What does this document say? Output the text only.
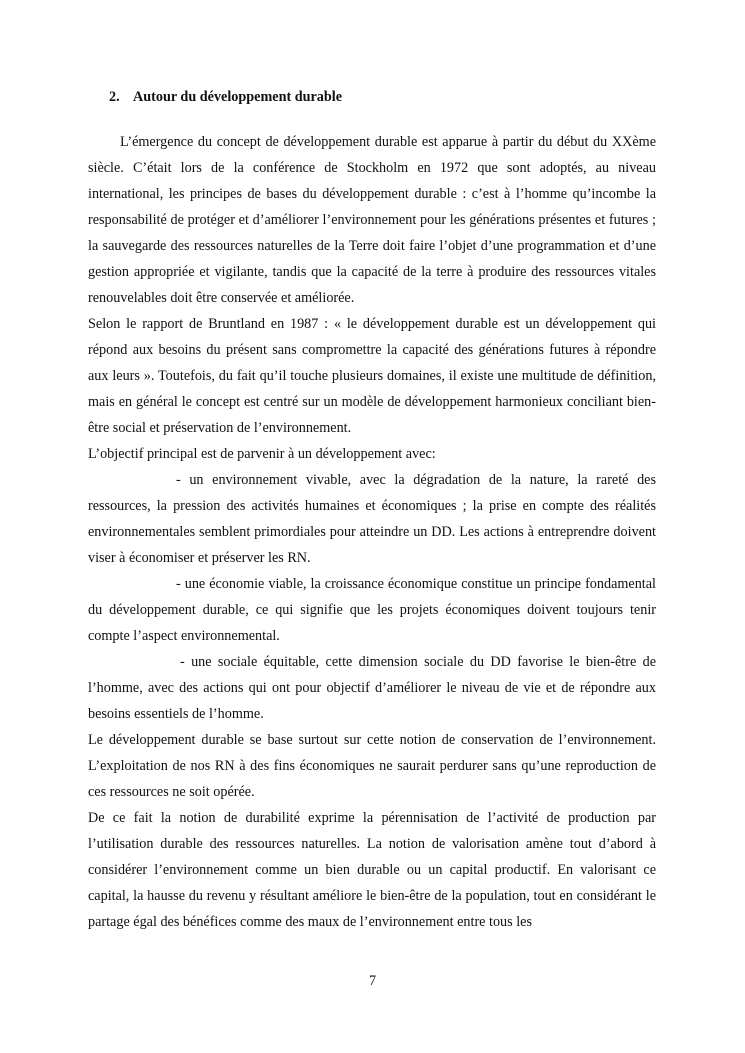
2. Autour du développement durable

L’émergence du concept de développement durable est apparue à partir du début du XXème siècle. C’était lors de la conférence de Stockholm en 1972 que sont adoptés, au niveau international, les principes de bases du développement durable : c’est à l’homme qu’incombe la responsabilité de protéger et d’améliorer l’environnement pour les générations présentes et futures ; la sauvegarde des ressources naturelles de la Terre doit faire l’objet d’une programmation et d’une gestion appropriée et vigilante, tandis que la capacité de la terre à produire des ressources vitales renouvelables doit être conservée et améliorée.

Selon le rapport de Bruntland en 1987 : « le développement durable est un développement qui répond aux besoins du présent sans compromettre la capacité des générations futures à répondre aux leurs ». Toutefois, du fait qu’il touche plusieurs domaines, il existe une multitude de définition, mais en général le concept est centré sur un modèle de développement harmonieux conciliant bien-être social et préservation de l’environnement.

L’objectif principal est de parvenir à un développement avec:

- un environnement vivable, avec la dégradation de la nature, la rareté des ressources, la pression des activités humaines et économiques ; la prise en compte des réalités environnementales semblent primordiales pour atteindre un DD. Les actions à entreprendre doivent viser à économiser et préserver les RN.

- une économie viable, la croissance économique constitue un principe fondamental du développement durable, ce qui signifie que les projets économiques doivent toujours tenir compte l’aspect environnemental.

- une sociale équitable, cette dimension sociale du DD favorise le bien-être de l’homme, avec des actions qui ont pour objectif d’améliorer le niveau de vie et de répondre aux besoins essentiels de l’homme.

Le développement durable se base surtout sur cette notion de conservation de l’environnement. L’exploitation de nos RN à des fins économiques ne saurait perdurer sans qu’une reproduction de ces ressources ne soit opérée.

De ce fait la notion de durabilité exprime la pérennisation de l’activité de production par l’utilisation durable des ressources naturelles. La notion de valorisation amène tout d’abord à considérer l’environnement comme un bien durable ou un capital productif. En valorisant ce capital, la hausse du revenu y résultant améliore le bien-être de la population, tout en considérant le partage égal des bénéfices comme des maux de l’environnement entre tous les

7
